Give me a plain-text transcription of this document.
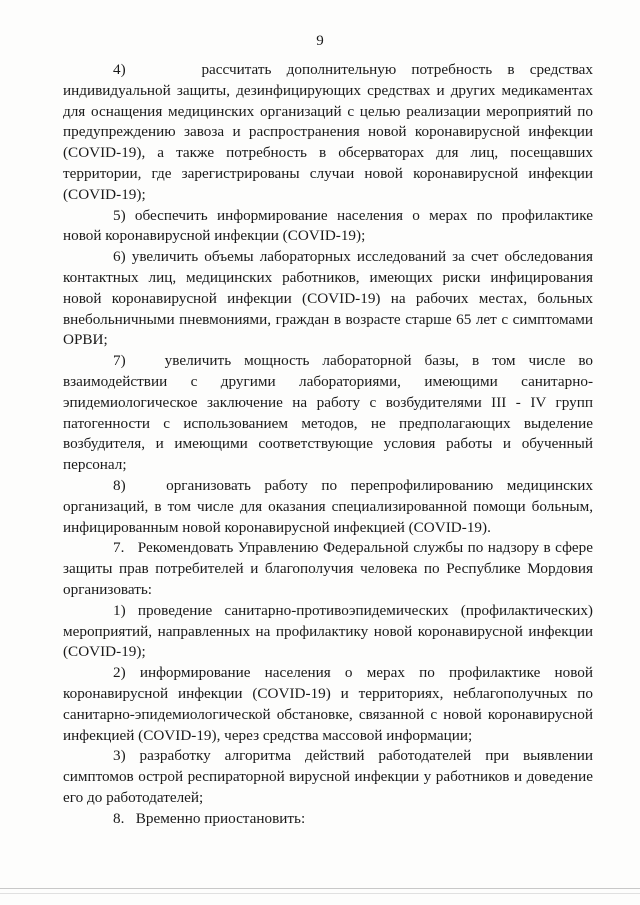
9

4)     рассчитать дополнительную потребность в средствах индивидуальной защиты, дезинфицирующих средствах и других медикаментах для оснащения медицинских организаций с целью реализации мероприятий по предупреждению завоза и распространения новой коронавирусной инфекции (COVID-19), а также потребность в обсерваторах для лиц, посещавших территории, где зарегистрированы случаи новой коронавирусной инфекции (COVID-19);

5) обеспечить информирование населения о мерах по профилактике новой коронавирусной инфекции (COVID-19);

6) увеличить объемы лабораторных исследований за счет обследования контактных лиц, медицинских работников, имеющих риски инфицирования новой коронавирусной инфекции (COVID-19) на рабочих местах, больных внебольничными пневмониями, граждан в возрасте старше 65 лет с симптомами ОРВИ;

7)   увеличить мощность лабораторной базы, в том числе во взаимодействии с другими лабораториями, имеющими санитарно-эпидемиологическое заключение на работу с возбудителями III - IV групп патогенности с использованием методов, не предполагающих выделение возбудителя, и имеющими соответствующие условия работы и обученный персонал;

8)   организовать работу по перепрофилированию медицинских организаций, в том числе для оказания специализированной помощи больным, инфицированным новой коронавирусной инфекцией (COVID-19).

7.   Рекомендовать Управлению Федеральной службы по надзору в сфере защиты прав потребителей и благополучия человека по Республике Мордовия организовать:

1) проведение санитарно-противоэпидемических (профилактических) мероприятий, направленных на профилактику новой коронавирусной инфекции (COVID-19);

2) информирование населения о мерах по профилактике новой коронавирусной инфекции (COVID-19) и территориях, неблагополучных по санитарно-эпидемиологической обстановке, связанной с новой коронавирусной инфекцией (COVID-19), через средства массовой информации;

3) разработку алгоритма действий работодателей при выявлении симптомов острой респираторной вирусной инфекции у работников и доведение его до работодателей;

8.   Временно приостановить:
